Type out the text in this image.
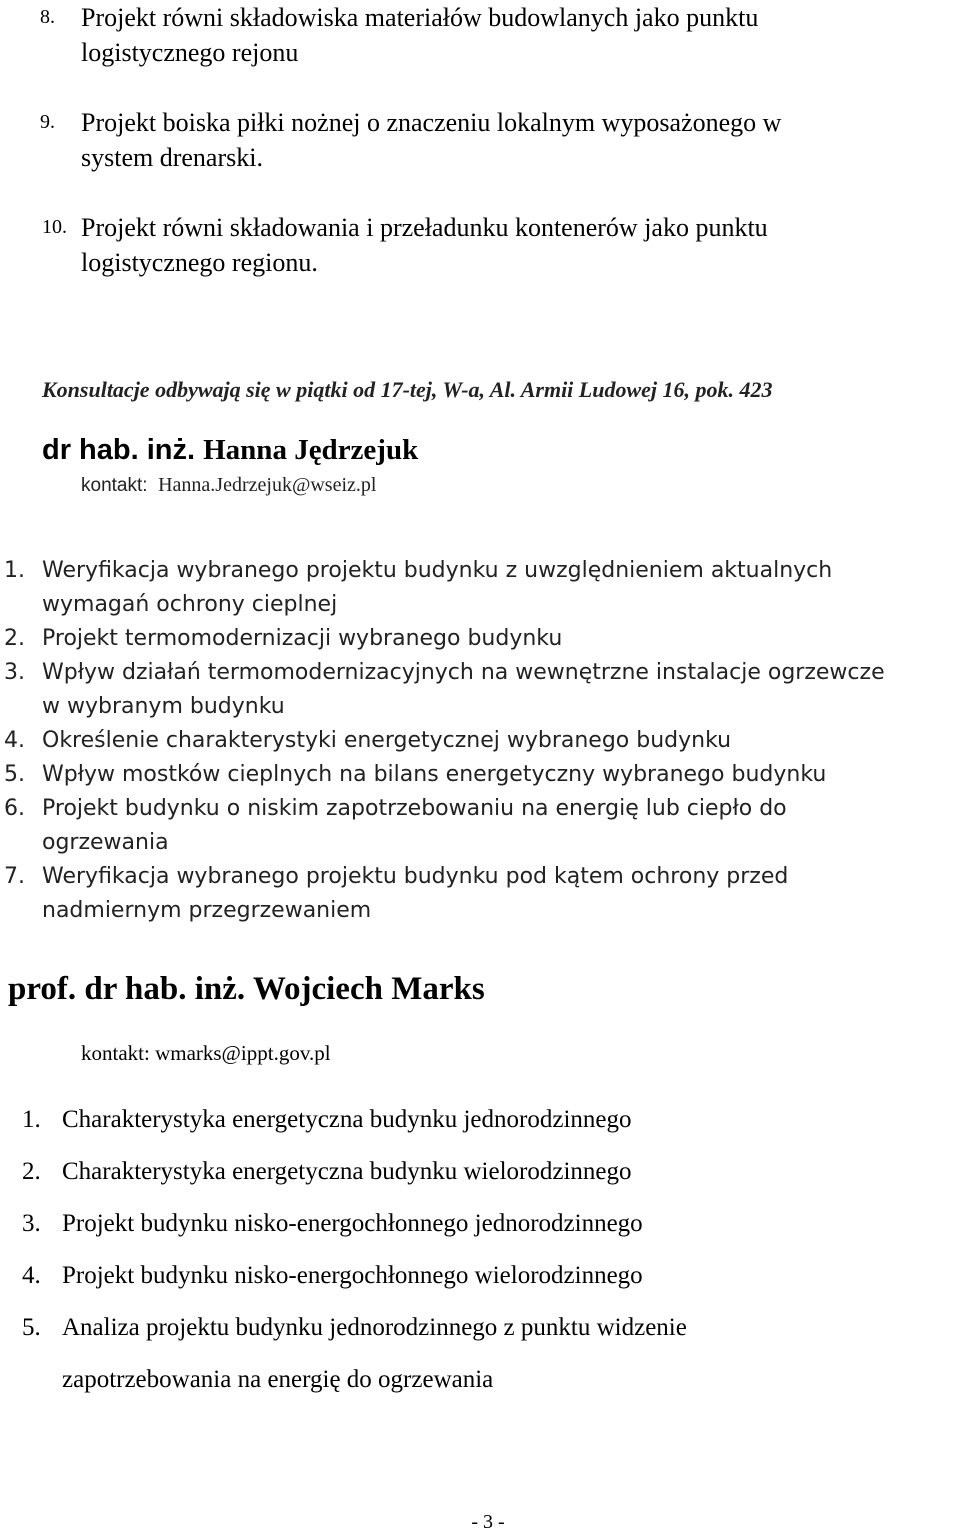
8. Projekt równi składowiska materiałów budowlanych jako punktu
logistycznego rejonu
9. Projekt boiska piłki nożnej o znaczeniu lokalnym wyposażonego w
system drenarski.
10. Projekt równi składowania i przeładunku kontenerów jako punktu
logistycznego regionu.
Konsultacje odbywają się w piątki od 17-tej, W-a, Al. Armii Ludowej 16, pok. 423
dr hab. inż. Hanna Jędrzejuk
kontakt: Hanna.Jedrzejuk@wseiz.pl
1. Weryfikacja wybranego projektu budynku z uwzględnieniem aktualnych
wymagań ochrony cieplnej
2. Projekt termomodernizacji wybranego budynku
3. Wpływ działań termomodernizacyjnych na wewnętrzne instalacje ogrzewcze
w wybranym budynku
4. Określenie charakterystyki energetycznej wybranego budynku
5. Wpływ mostków cieplnych na bilans energetyczny wybranego budynku
6. Projekt budynku o niskim zapotrzebowaniu na energię lub ciepło do
ogrzewania
7. Weryfikacja wybranego projektu budynku pod kątem ochrony przed
nadmiernym przegrzewaniem
prof. dr hab. inż. Wojciech Marks
kontakt: wmarks@ippt.gov.pl
1. Charakterystyka energetyczna budynku jednorodzinnego
2. Charakterystyka energetyczna budynku wielorodzinnego
3. Projekt budynku nisko-energochłonnego jednorodzinnego
4. Projekt budynku nisko-energochłonnego wielorodzinnego
5. Analiza projektu budynku jednorodzinnego z punktu widzenie
zapotrzebowania na energię do ogrzewania
- 3 -
